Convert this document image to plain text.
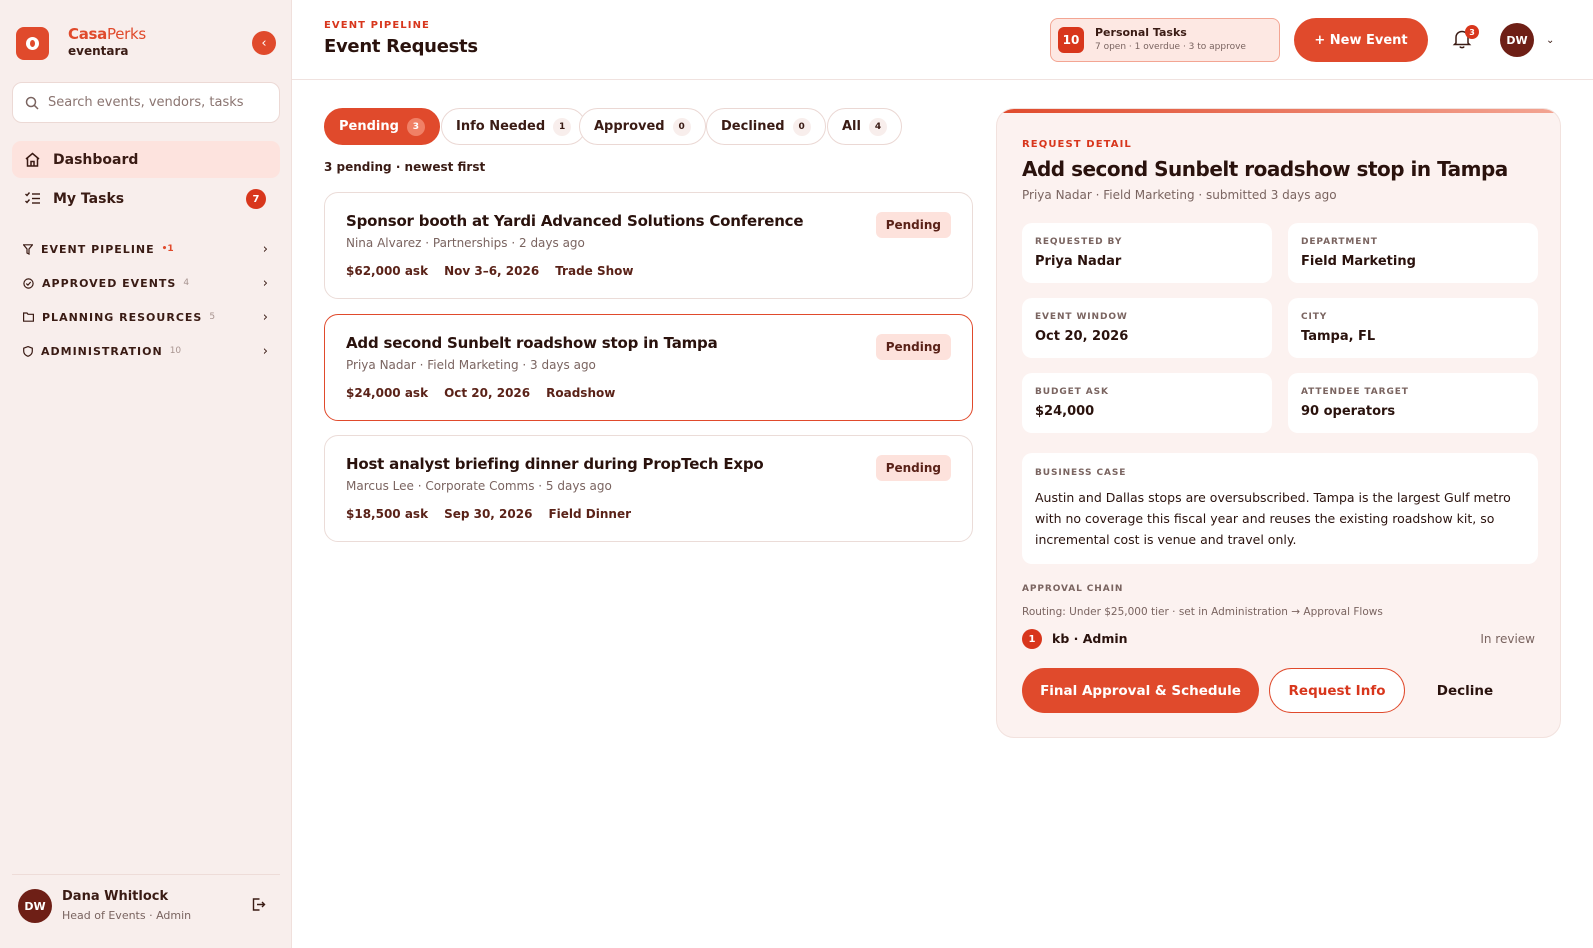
CasaPerks
eventara
‹
Search events, vendors, tasks
Dashboard
My Tasks	7
EVENT PIPELINE •1	›
APPROVED EVENTS 4	›
PLANNING RESOURCES 5	›
ADMINISTRATION 10	›
DW
Dana Whitlock
Head of Events · Admin
EVENT PIPELINE
Event Requests	10
Personal Tasks
7 open · 1 overdue · 3 to approve	+ New Event
3
DW	⌄
Pending	3	Info Needed	1	Approved	0	Declined	0	All	4
3 pending · newest first
Sponsor booth at Yardi Advanced Solutions Conference
Nina Alvarez · Partnerships · 2 days ago
$62,000 ask Nov 3–6, 2026 Trade Show
Pending
Add second Sunbelt roadshow stop in Tampa
Priya Nadar · Field Marketing · 3 days ago
$24,000 ask Oct 20, 2026 Roadshow
Pending
Host analyst briefing dinner during PropTech Expo
Marcus Lee · Corporate Comms · 5 days ago
$18,500 ask Sep 30, 2026 Field Dinner
Pending
REQUEST DETAIL
Add second Sunbelt roadshow stop in Tampa
Priya Nadar · Field Marketing · submitted 3 days ago
REQUESTED BY
Priya Nadar
DEPARTMENT
Field Marketing
EVENT WINDOW
Oct 20, 2026
CITY
Tampa, FL
BUDGET ASK
$24,000
ATTENDEE TARGET
90 operators
BUSINESS CASE
Austin and Dallas stops are oversubscribed. Tampa is the largest Gulf metro with no coverage this fiscal year and reuses the existing roadshow kit, so incremental cost is venue and travel only.
APPROVAL CHAIN
Routing: Under $25,000 tier · set in Administration → Approval Flows
1	kb · Admin	In review
Final Approval & Schedule	Request Info	Decline
